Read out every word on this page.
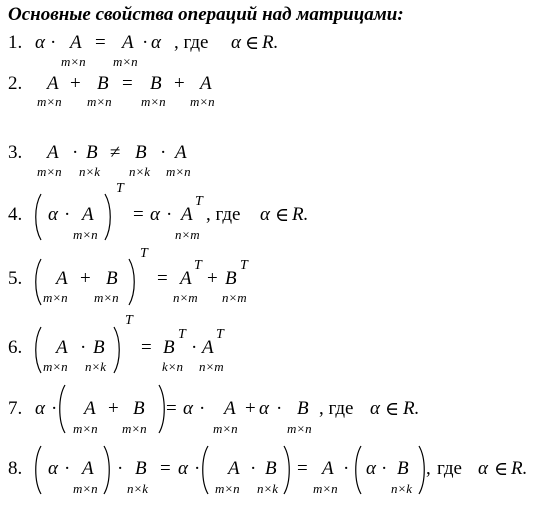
Основные свойства операций над матрицами:
1. α · A
m×n
= A
m×n
· α , где α ∈ R.
2. A
m×n
+ B
m×n
= B
m×n
+ A
m×n
3. A
m×n
· B
n×k
≠ B
n×k
· A
m×n
4. α · A
m×n
T
= α · A
T
n×m
, где α ∈ R.
5. A
m×n
+ B
m×n
T
= A
T
n×m
+ B
T
n×m
6. A
m×n
· B
n×k
T
= B
T
k×n
· A
T
n×m
7. α · A
m×n
+ B
m×n
= α · A
m×n
+ α · B
m×n
, где α ∈ R.
8. α · A
m×n
· B
n×k
= α · A
m×n
· B
n×k
= A
m×n
· α · B
n×k
, где α ∈ R.
